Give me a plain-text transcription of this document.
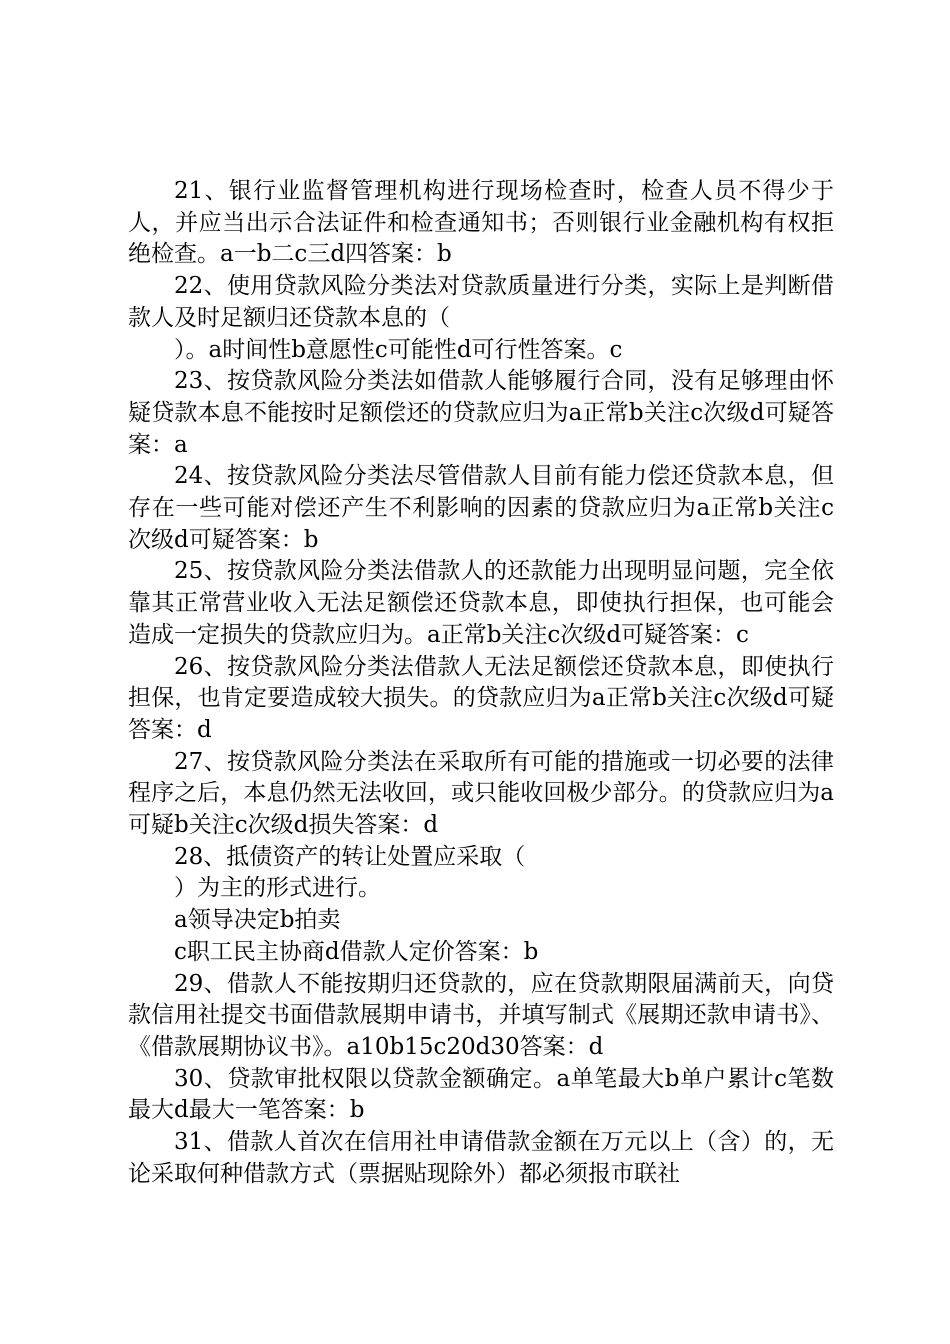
21、银行业监督管理机构进行现场检查时，检查人员不得少于人，并应当出示合法证件和检查通知书；否则银行业金融机构有权拒绝检查。a一b二c三d四答案：b

22、使用贷款风险分类法对贷款质量进行分类，实际上是判断借款人及时足额归还贷款本息的（

）。a时间性b意愿性c可能性d可行性答案。c

23、按贷款风险分类法如借款人能够履行合同，没有足够理由怀疑贷款本息不能按时足额偿还的贷款应归为a正常b关注c次级d可疑答案：a

24、按贷款风险分类法尽管借款人目前有能力偿还贷款本息，但存在一些可能对偿还产生不利影响的因素的贷款应归为a正常b关注c次级d可疑答案：b

25、按贷款风险分类法借款人的还款能力出现明显问题，完全依靠其正常营业收入无法足额偿还贷款本息，即使执行担保，也可能会造成一定损失的贷款应归为。a正常b关注c次级d可疑答案：c

26、按贷款风险分类法借款人无法足额偿还贷款本息，即使执行担保，也肯定要造成较大损失。的贷款应归为a正常b关注c次级d可疑答案：d

27、按贷款风险分类法在采取所有可能的措施或一切必要的法律程序之后，本息仍然无法收回，或只能收回极少部分。的贷款应归为a可疑b关注c次级d损失答案：d

28、抵债资产的转让处置应采取（

）为主的形式进行。

a领导决定b拍卖

c职工民主协商d借款人定价答案：b

29、借款人不能按期归还贷款的，应在贷款期限届满前天，向贷款信用社提交书面借款展期申请书，并填写制式《展期还款申请书》、《借款展期协议书》。a10b15c20d30答案：d

30、贷款审批权限以贷款金额确定。a单笔最大b单户累计c笔数最大d最大一笔答案：b

31、借款人首次在信用社申请借款金额在万元以上（含）的，无论采取何种借款方式（票据贴现除外）都必须报市联社
